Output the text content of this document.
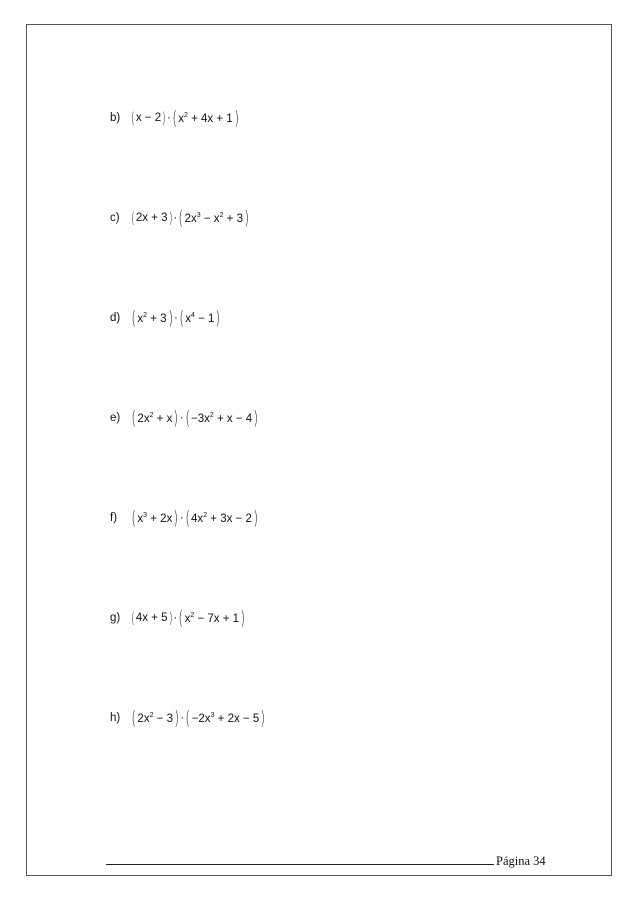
b) ( x − 2 ) · ( $x^2 + 4x + 1$ )
c) ( 2x + 3 ) · ( $2x^3 - x^2 + 3$ )
d) ( $x^2 + 3$ ) · ( $x^4 - 1$ )
e) ( $2x^2 + x$ ) · ( $-3x^2 + x - 4$ )
f) ( $x^3 + 2x$ ) · ( $4x^2 + 3x - 2$ )
g) ( 4x + 5 ) · ( $x^2 - 7x + 1$ )
h) ( $2x^2 - 3$ ) · ( $-2x^3 + 2x - 5$ )
Página 34
